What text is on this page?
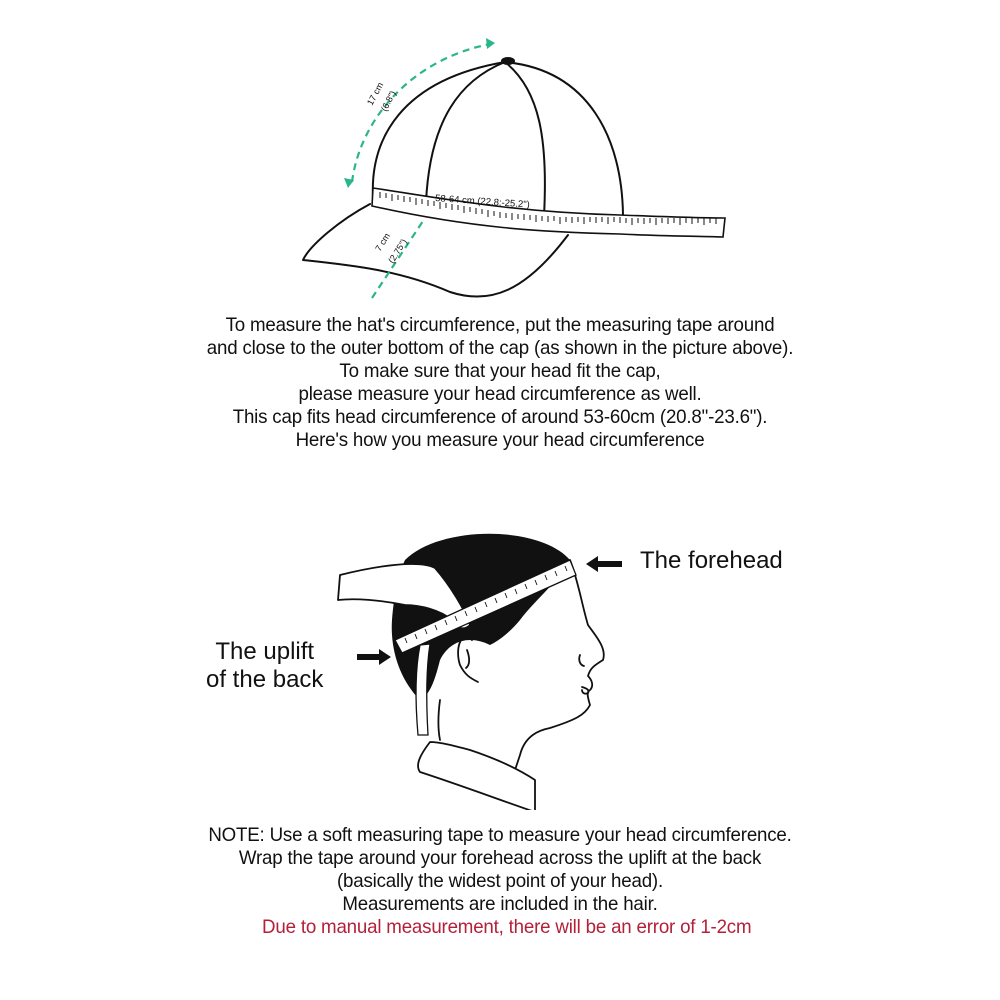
17 cm
(6.8")
58-64 cm (22.8:-25.2")
7 cm
(2.75")
To measure the hat's circumference, put the measuring tape around
and close to the outer bottom of the cap (as shown in the picture above).
To make sure that your head fit the cap,
please measure your head circumference as well.
This cap fits head circumference of around 53-60cm (20.8"-23.6").
Here's how you measure your head circumference
The forehead
The uplift
of the back
NOTE: Use a soft measuring tape to measure your head circumference.
Wrap the tape around your forehead across the uplift at the back
(basically the widest point of your head).
Measurements are included in the hair.
Due to manual measurement, there will be an error of 1-2cm
